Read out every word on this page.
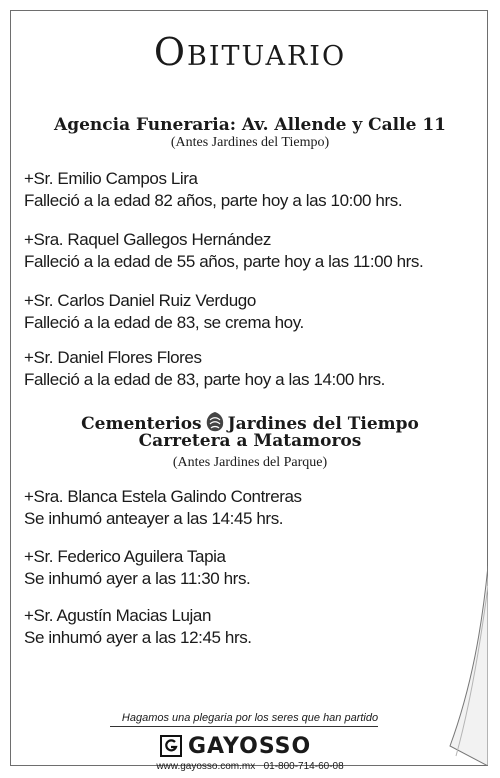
Obituario
Agencia Funeraria: Av. Allende y Calle 11
(Antes Jardines del Tiempo)
+Sr. Emilio Campos Lira
Falleció a la edad 82 años, parte hoy a las 10:00 hrs.
+Sra. Raquel Gallegos Hernández
Falleció a la edad de 55 años, parte hoy a las 11:00 hrs.
+Sr. Carlos Daniel Ruiz Verdugo
Falleció a la edad de 83, se crema hoy.
+Sr. Daniel Flores Flores
Falleció a la edad de 83, parte hoy a las 14:00 hrs.
Cementerios Jardines del Tiempo
Carretera a Matamoros
(Antes Jardines del Parque)
+Sra. Blanca Estela Galindo Contreras
Se inhumó anteayer a las 14:45 hrs.
+Sr. Federico Aguilera Tapia
Se inhumó ayer a las 11:30 hrs.
+Sr. Agustín Macias Lujan
Se inhumó ayer a las 12:45 hrs.
Hagamos una plegaria por los seres que han partido
GAYOSSO
www.gayosso.com.mx 01-800-714-60-08
